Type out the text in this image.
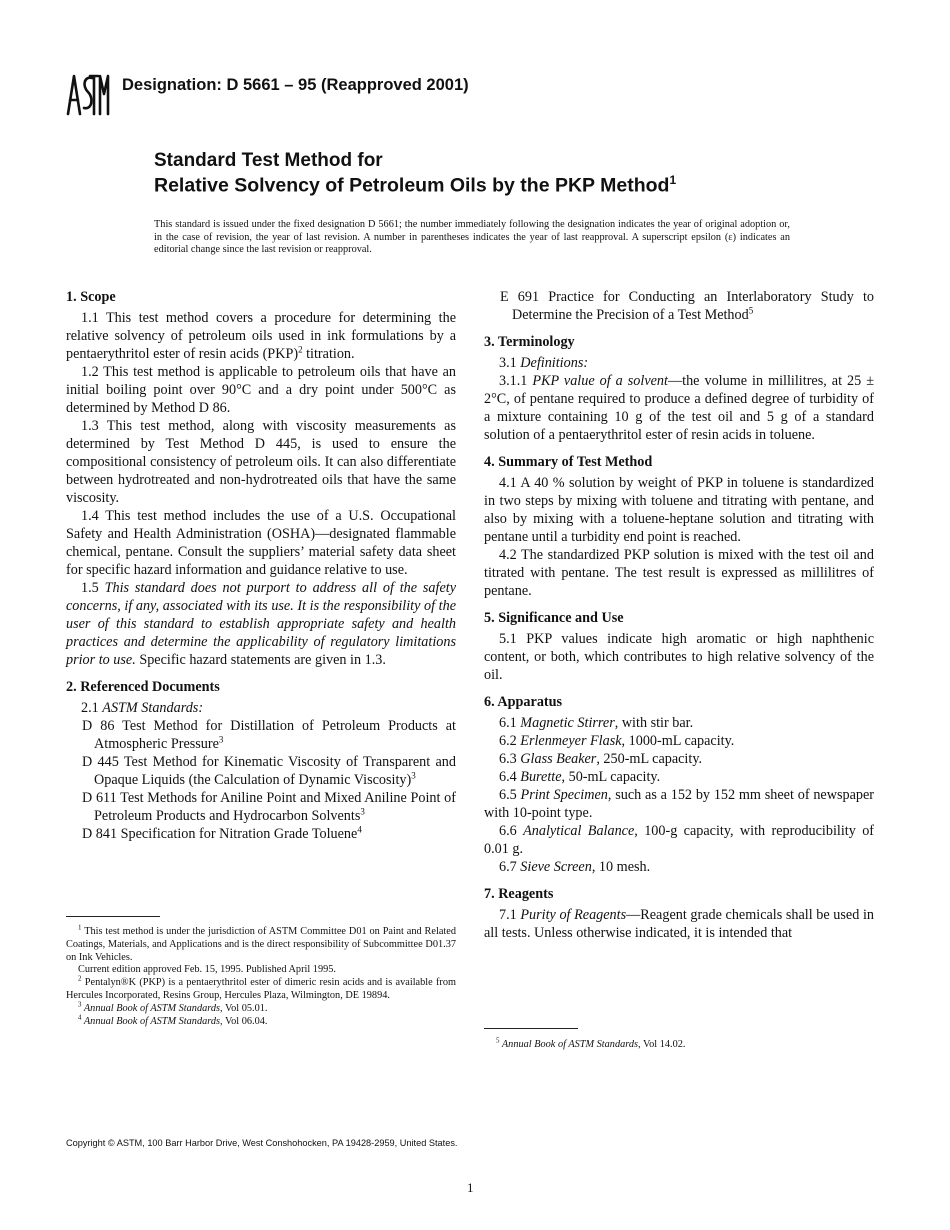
ASTM
Designation: D 5661 – 95 (Reapproved 2001)
Standard Test Method for
Relative Solvency of Petroleum Oils by the PKP Method$^1$
This standard is issued under the fixed designation D 5661; the number immediately following the designation indicates the year of original adoption or, in the case of revision, the year of last revision. A number in parentheses indicates the year of last reapproval. A superscript epsilon (ε) indicates an editorial change since the last revision or reapproval.

1. Scope

1.1 This test method covers a procedure for determining the relative solvency of petroleum oils used in ink formulations by a pentaerythritol ester of resin acids (PKP)$^2$ titration.

1.2 This test method is applicable to petroleum oils that have an initial boiling point over 90°C and a dry point under 500°C as determined by Method D 86.

1.3 This test method, along with viscosity measurements as determined by Test Method D 445, is used to ensure the compositional consistency of petroleum oils. It can also differentiate between hydrotreated and non-hydrotreated oils that have the same viscosity.

1.4 This test method includes the use of a U.S. Occupational Safety and Health Administration (OSHA)—designated flammable chemical, pentane. Consult the suppliers’ material safety data sheet for specific hazard information and guidance relative to use.

1.5 This standard does not purport to address all of the safety concerns, if any, associated with its use. It is the responsibility of the user of this standard to establish appropriate safety and health practices and determine the applicability of regulatory limitations prior to use. Specific hazard statements are given in 1.3.

2. Referenced Documents

2.1 ASTM Standards:

D 86 Test Method for Distillation of Petroleum Products at Atmospheric Pressure$^3$

D 445 Test Method for Kinematic Viscosity of Transparent and Opaque Liquids (the Calculation of Dynamic Viscosity)$^3$

D 611 Test Methods for Aniline Point and Mixed Aniline Point of Petroleum Products and Hydrocarbon Solvents$^3$

D 841 Specification for Nitration Grade Toluene$^4$

$^1$ This test method is under the jurisdiction of ASTM Committee D01 on Paint and Related Coatings, Materials, and Applications and is the direct responsibility of Subcommittee D01.37 on Ink Vehicles.

Current edition approved Feb. 15, 1995. Published April 1995.

$^2$ Pentalyn®K (PKP) is a pentaerythritol ester of dimeric resin acids and is available from Hercules Incorporated, Resins Group, Hercules Plaza, Wilmington, DE 19894.

$^3$ Annual Book of ASTM Standards, Vol 05.01.

$^4$ Annual Book of ASTM Standards, Vol 06.04.

E 691 Practice for Conducting an Interlaboratory Study to Determine the Precision of a Test Method$^5$

3. Terminology

3.1 Definitions:

3.1.1 PKP value of a solvent—the volume in millilitres, at 25 ± 2°C, of pentane required to produce a defined degree of turbidity of a mixture containing 10 g of the test oil and 5 g of a standard solution of a pentaerythritol ester of resin acids in toluene.

4. Summary of Test Method

4.1 A 40 % solution by weight of PKP in toluene is standardized in two steps by mixing with toluene and titrating with pentane, and also by mixing with a toluene-heptane solution and titrating with pentane until a turbidity end point is reached.

4.2 The standardized PKP solution is mixed with the test oil and titrated with pentane. The test result is expressed as millilitres of pentane.

5. Significance and Use

5.1 PKP values indicate high aromatic or high naphthenic content, or both, which contributes to high relative solvency of the oil.

6. Apparatus

6.1 Magnetic Stirrer, with stir bar.

6.2 Erlenmeyer Flask, 1000-mL capacity.

6.3 Glass Beaker, 250-mL capacity.

6.4 Burette, 50-mL capacity.

6.5 Print Specimen, such as a 152 by 152 mm sheet of newspaper with 10-point type.

6.6 Analytical Balance, 100-g capacity, with reproducibility of 0.01 g.

6.7 Sieve Screen, 10 mesh.

7. Reagents

7.1 Purity of Reagents—Reagent grade chemicals shall be used in all tests. Unless otherwise indicated, it is intended that

$^5$ Annual Book of ASTM Standards, Vol 14.02.

Copyright © ASTM, 100 Barr Harbor Drive, West Conshohocken, PA 19428-2959, United States.
1
